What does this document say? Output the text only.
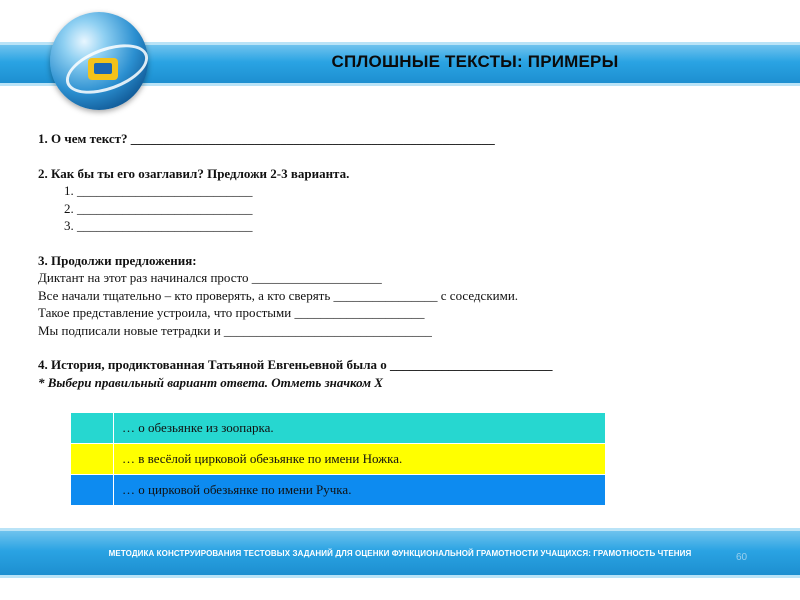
СПЛОШНЫЕ ТЕКСТЫ: ПРИМЕРЫ
1. О чем текст? ________________________________________________________
2. Как бы ты его озаглавил? Предложи 2-3 варианта.
1. ___________________________
2. ___________________________
3. ___________________________
3. Продолжи предложения:
Диктант на этот раз начинался просто ____________________
Все начали тщательно – кто проверять, а кто сверять ________________ с соседскими.
Такое представление устроила, что простыми ____________________
Мы подписали новые тетрадки и ________________________________
4. История, продиктованная Татьяной Евгеньевной была о _________________________
* Выбери правильный вариант ответа. Отметь значком Х
	… о обезьянке из зоопарка.
	… в весёлой цирковой обезьянке по имени Ножка.
	… о цирковой обезьянке по имени Ручка.
МЕТОДИКА КОНСТРУИРОВАНИЯ ТЕСТОВЫХ ЗАДАНИЙ ДЛЯ ОЦЕНКИ ФУНКЦИОНАЛЬНОЙ ГРАМОТНОСТИ УЧАЩИХСЯ: ГРАМОТНОСТЬ ЧТЕНИЯ	60
